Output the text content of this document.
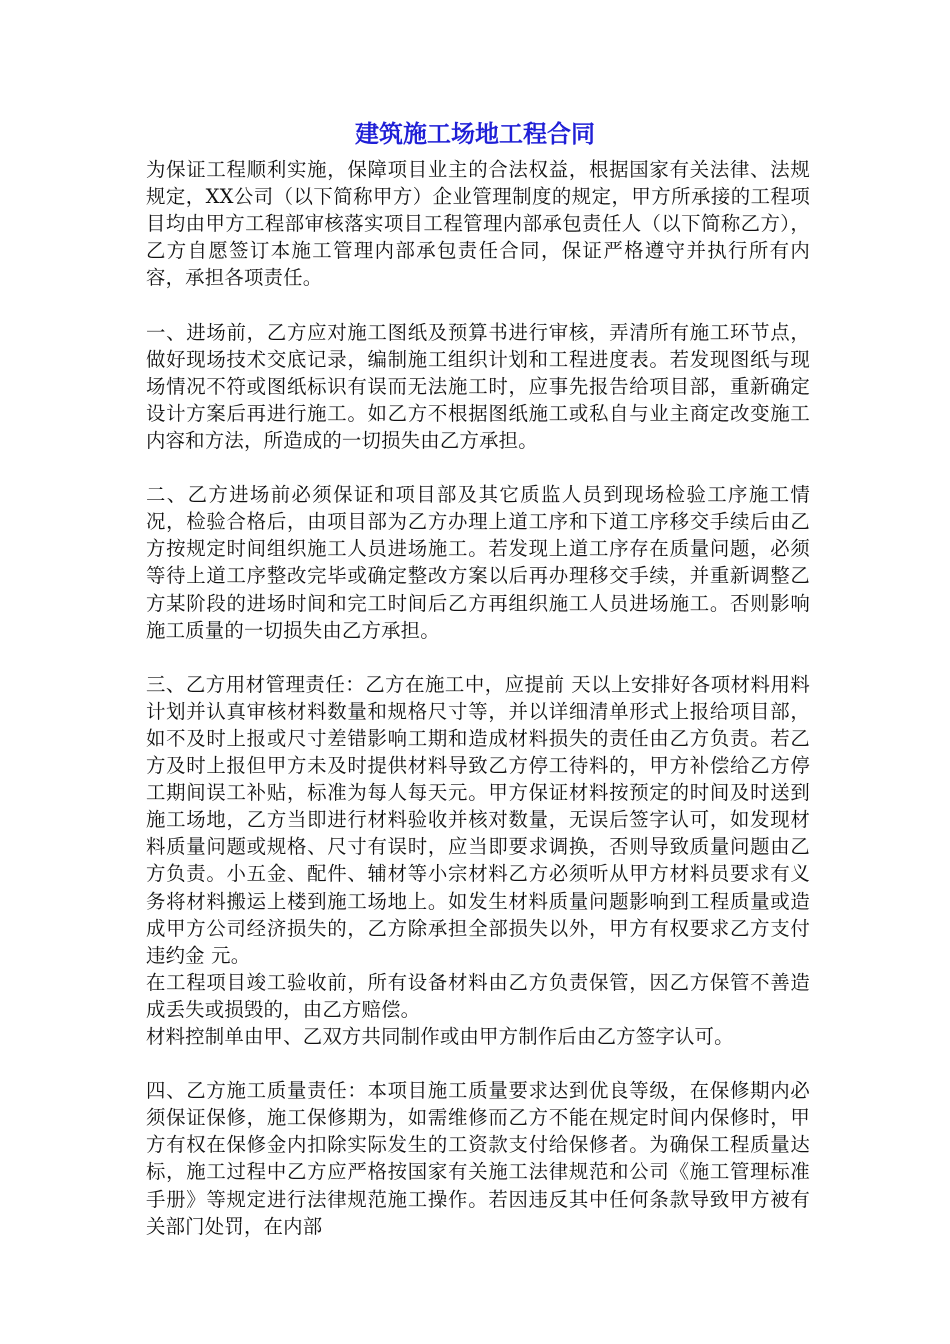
建筑施工场地工程合同

为保证工程顺利实施，保障项目业主的合法权益，根据国家有关法律、法规规定，XX公司（以下简称甲方）企业管理制度的规定，甲方所承接的工程项目均由甲方工程部审核落实项目工程管理内部承包责任人（以下简称乙方），乙方自愿签订本施工管理内部承包责任合同，保证严格遵守并执行所有内容，承担各项责任。

一、进场前，乙方应对施工图纸及预算书进行审核，弄清所有施工环节点，做好现场技术交底记录，编制施工组织计划和工程进度表。若发现图纸与现场情况不符或图纸标识有误而无法施工时，应事先报告给项目部，重新确定设计方案后再进行施工。如乙方不根据图纸施工或私自与业主商定改变施工内容和方法，所造成的一切损失由乙方承担。

二、乙方进场前必须保证和项目部及其它质监人员到现场检验工序施工情况，检验合格后，由项目部为乙方办理上道工序和下道工序移交手续后由乙方按规定时间组织施工人员进场施工。若发现上道工序存在质量问题，必须等待上道工序整改完毕或确定整改方案以后再办理移交手续，并重新调整乙方某阶段的进场时间和完工时间后乙方再组织施工人员进场施工。否则影响施工质量的一切损失由乙方承担。

三、乙方用材管理责任：乙方在施工中，应提前 天以上安排好各项材料用料计划并认真审核材料数量和规格尺寸等，并以详细清单形式上报给项目部，如不及时上报或尺寸差错影响工期和造成材料损失的责任由乙方负责。若乙方及时上报但甲方未及时提供材料导致乙方停工待料的，甲方补偿给乙方停工期间误工补贴，标准为每人每天元。甲方保证材料按预定的时间及时送到施工场地，乙方当即进行材料验收并核对数量，无误后签字认可，如发现材料质量问题或规格、尺寸有误时，应当即要求调换，否则导致质量问题由乙方负责。小五金、配件、辅材等小宗材料乙方必须听从甲方材料员要求有义务将材料搬运上楼到施工场地上。如发生材料质量问题影响到工程质量或造成甲方公司经济损失的，乙方除承担全部损失以外，甲方有权要求乙方支付违约金 元。

在工程项目竣工验收前，所有设备材料由乙方负责保管，因乙方保管不善造成丢失或损毁的，由乙方赔偿。

材料控制单由甲、乙双方共同制作或由甲方制作后由乙方签字认可。

四、乙方施工质量责任：本项目施工质量要求达到优良等级，在保修期内必须保证保修，施工保修期为，如需维修而乙方不能在规定时间内保修时，甲方有权在保修金内扣除实际发生的工资款支付给保修者。为确保工程质量达标，施工过程中乙方应严格按国家有关施工法律规范和公司《施工管理标准手册》等规定进行法律规范施工操作。若因违反其中任何条款导致甲方被有关部门处罚，在内部
